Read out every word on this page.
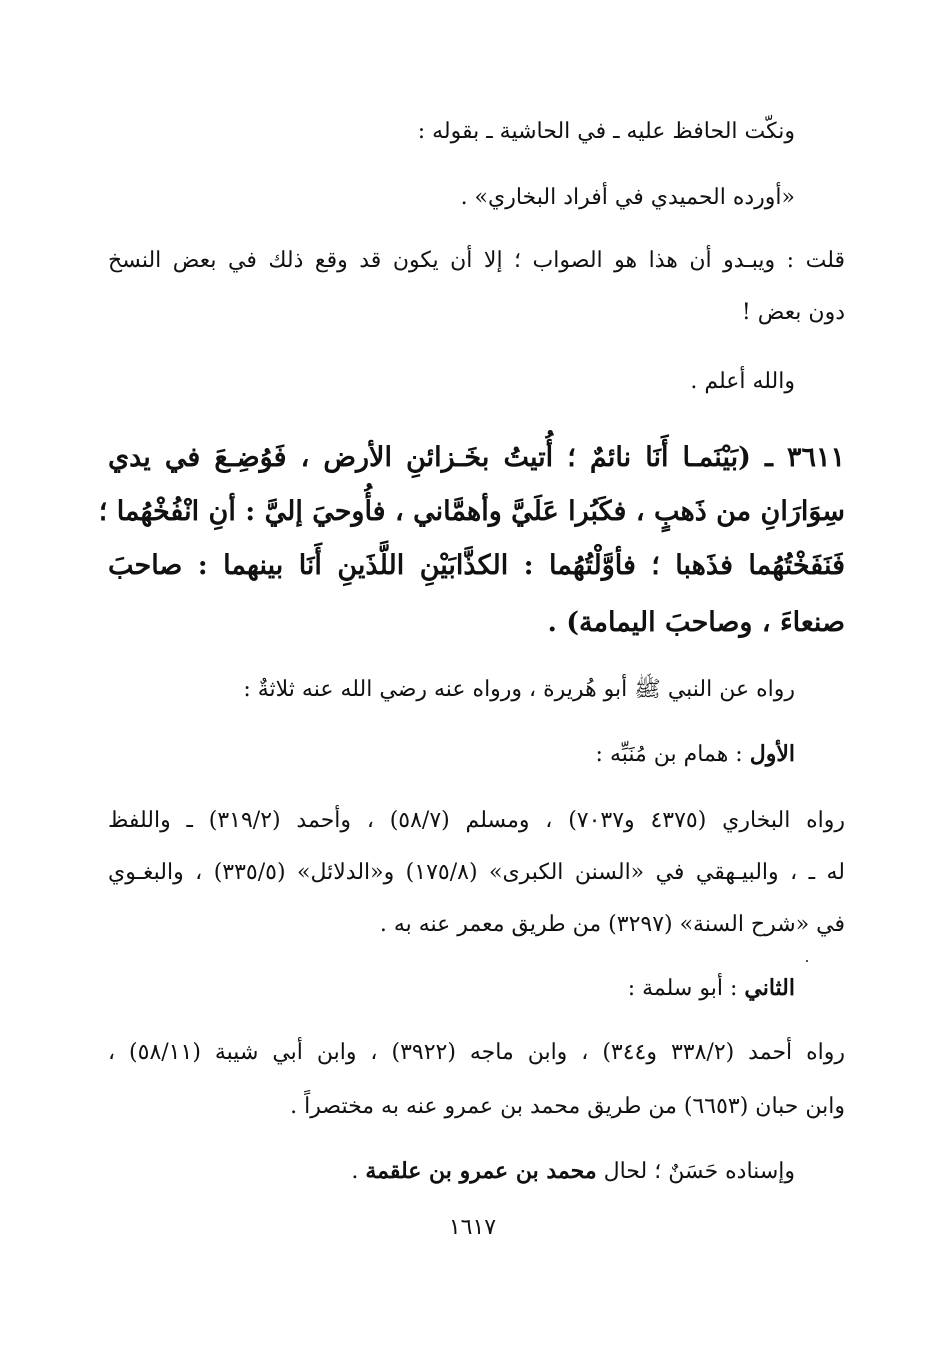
ونكّت الحافظ عليه ـ في الحاشية ـ بقوله :
«أورده الحميدي في أفراد البخاري» .
قلت : ويبـدو أن هذا هو الصواب ؛ إلا أن يكون قد وقع ذلك في بعض النسخ
دون بعض !
والله أعلم .
٣٦١١ ـ (بَيْنَمـا أَنَا نائمٌ ؛ أُتيتُ بخَـزائنِ الأرض ، فَوُضِـعَ في يدي
سِوَارَانِ من ذَهبٍ ، فكَبُرا عَلَيَّ وأهمَّاني ، فأُوحيَ إليَّ : أنِ انْفُخْهُما ؛
فَنَفَخْتُهُما فذَهبا ؛ فأوَّلْتُهُما : الكذَّابَيْنِ اللَّذَينِ أَنَا بينهما : صاحبَ
صنعاءَ ، وصاحبَ اليمامة) .
رواه عن النبي ﷺ أبو هُريرة ، ورواه عنه رضي الله عنه ثلاثةٌ :
الأول : همام بن مُنَبِّه :
رواه البخاري (٤٣٧٥ و٧٠٣٧) ، ومسلم (٥٨/٧) ، وأحمد (٣١٩/٢) ـ واللفظ
له ـ ، والبيـهقي في «السنن الكبرى» (١٧٥/٨) و«الدلائل» (٣٣٥/٥) ، والبغـوي
في «شرح السنة» (٣٢٩٧) من طريق معمر عنه به .
الثاني : أبو سلمة :
رواه أحمد (٣٣٨/٢ و٣٤٤) ، وابن ماجه (٣٩٢٢) ، وابن أبي شيبة (٥٨/١١) ،
وابن حبان (٦٦٥٣) من طريق محمد بن عمرو عنه به مختصراً .
وإسناده حَسَنٌ ؛ لحال محمد بن عمرو بن علقمة .
١٦١٧
